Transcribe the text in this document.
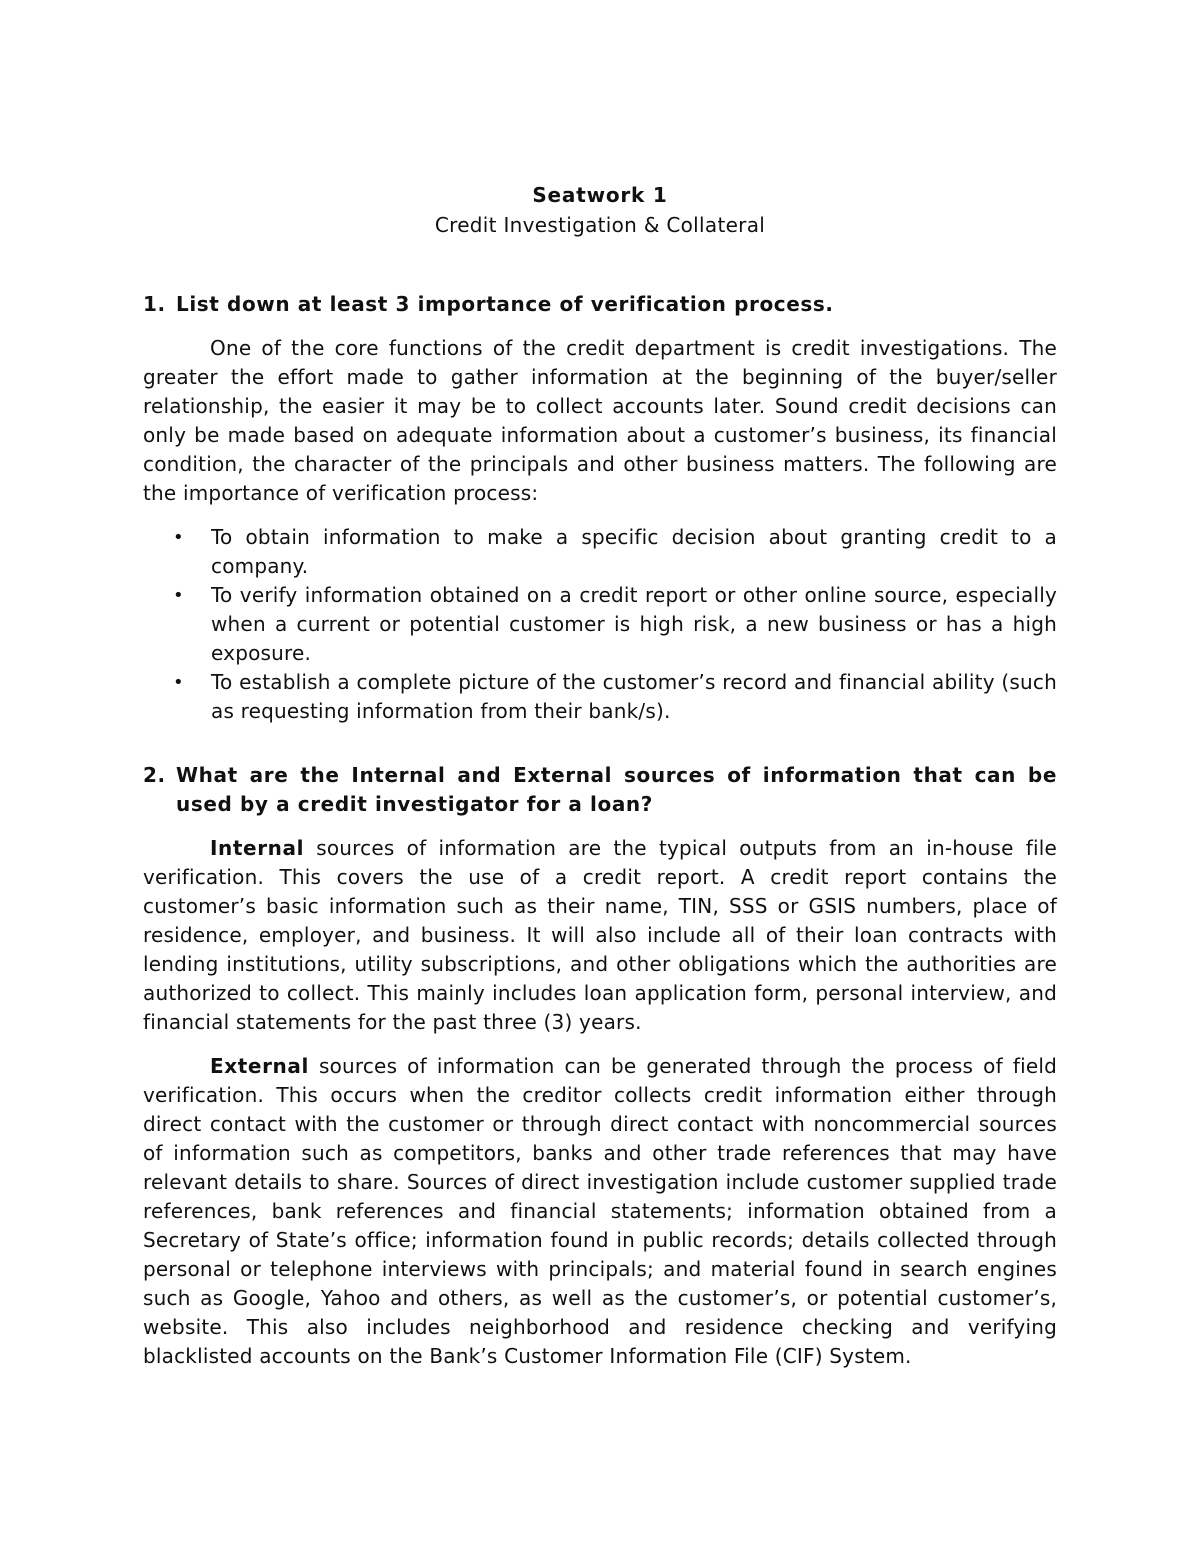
Seatwork 1
Credit Investigation & Collateral
1. List down at least 3 importance of verification process.

One of the core functions of the credit department is credit investigations. The greater the effort made to gather information at the beginning of the buyer/seller relationship, the easier it may be to collect accounts later. Sound credit decisions can only be made based on adequate information about a customer’s business, its financial condition, the character of the principals and other business matters. The following are the importance of verification process:

•	To obtain information to make a specific decision about granting credit to a company.
•	To verify information obtained on a credit report or other online source, especially when a current or potential customer is high risk, a new business or has a high exposure.
•	To establish a complete picture of the customer’s record and financial ability (such as requesting information from their bank/s).
2. What are the Internal and External sources of information that can be used by a credit investigator for a loan?

Internal sources of information are the typical outputs from an in-house file verification. This covers the use of a credit report. A credit report contains the customer’s basic information such as their name, TIN, SSS or GSIS numbers, place of residence, employer, and business. It will also include all of their loan contracts with lending institutions, utility subscriptions, and other obligations which the authorities are authorized to collect. This mainly includes loan application form, personal interview, and financial statements for the past three (3) years.

External sources of information can be generated through the process of field verification. This occurs when the creditor collects credit information either through direct contact with the customer or through direct contact with noncommercial sources of information such as competitors, banks and other trade references that may have relevant details to share. Sources of direct investigation include customer supplied trade references, bank references and financial statements; information obtained from a Secretary of State’s office; information found in public records; details collected through personal or telephone interviews with principals; and material found in search engines such as Google, Yahoo and others, as well as the customer’s, or potential customer’s, website. This also includes neighborhood and residence checking and verifying blacklisted accounts on the Bank’s Customer Information File (CIF) System.
